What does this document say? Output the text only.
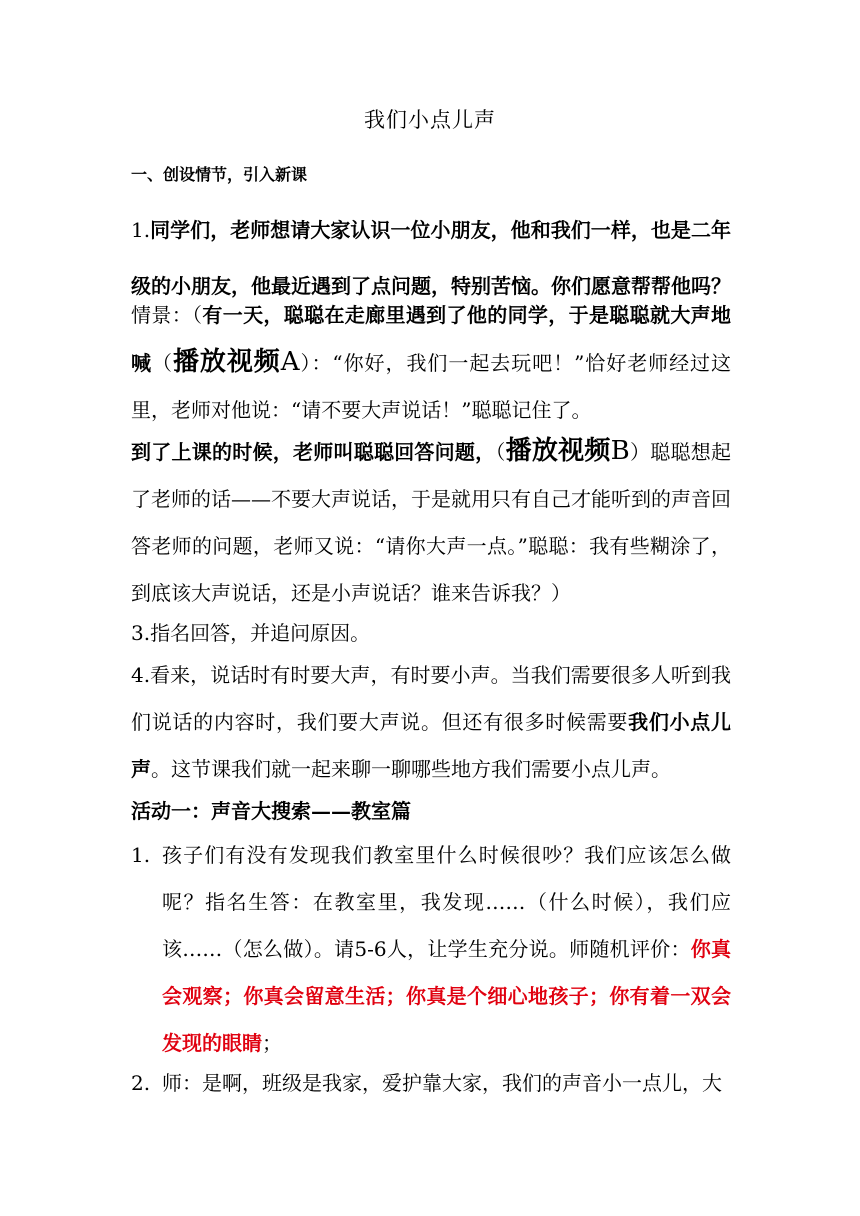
我们小点儿声
一、创设情节，引入新课
1.同学们，老师想请大家认识一位小朋友，他和我们一样，也是二年级的小朋友，他最近遇到了点问题，特别苦恼。你们愿意帮帮他吗？
情景：（有一天，聪聪在走廊里遇到了他的同学，于是聪聪就大声地喊（播放视频A）：“你好，我们一起去玩吧！”恰好老师经过这里，老师对他说：“请不要大声说话！”聪聪记住了。
到了上课的时候，老师叫聪聪回答问题，（播放视频B）聪聪想起了老师的话——不要大声说话，于是就用只有自己才能听到的声音回答老师的问题，老师又说：“请你大声一点。”聪聪：我有些糊涂了，到底该大声说话，还是小声说话？谁来告诉我？）
3.指名回答，并追问原因。
4.看来，说话时有时要大声，有时要小声。当我们需要很多人听到我们说话的内容时，我们要大声说。但还有很多时候需要我们小点儿声。这节课我们就一起来聊一聊哪些地方我们需要小点儿声。
活动一：声音大搜索——教室篇
1. 孩子们有没有发现我们教室里什么时候很吵？我们应该怎么做呢？指名生答：在教室里，我发现……（什么时候），我们应该……（怎么做）。请5-6人，让学生充分说。师随机评价：你真会观察；你真会留意生活；你真是个细心地孩子；你有着一双会发现的眼睛；
2. 师：是啊，班级是我家，爱护靠大家，我们的声音小一点儿，大
